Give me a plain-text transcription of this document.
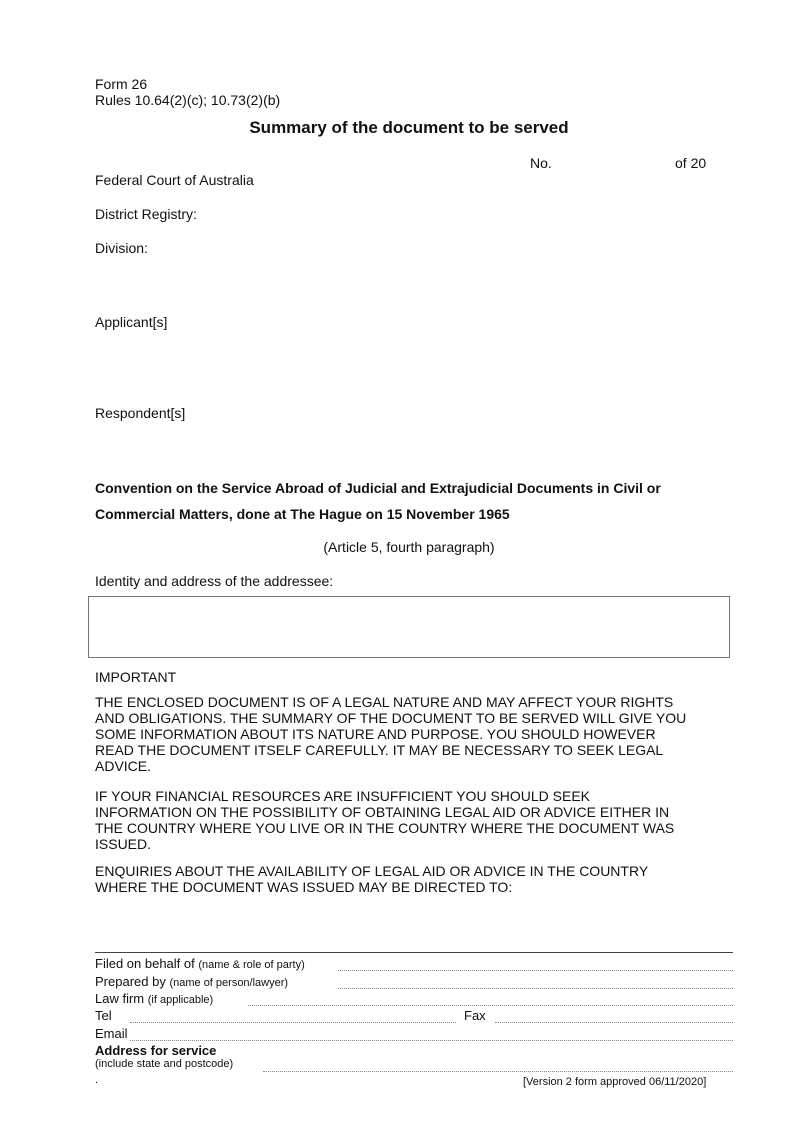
Form 26
Rules 10.64(2)(c); 10.73(2)(b)
Summary of the document to be served
No.	of 20
Federal Court of Australia
District Registry:
Division:
Applicant[s]
Respondent[s]
Convention on the Service Abroad of Judicial and Extrajudicial Documents in Civil or
Commercial Matters, done at The Hague on 15 November 1965
(Article 5, fourth paragraph)
Identity and address of the addressee:
IMPORTANT
THE ENCLOSED DOCUMENT IS OF A LEGAL NATURE AND MAY AFFECT YOUR RIGHTS
AND OBLIGATIONS. THE SUMMARY OF THE DOCUMENT TO BE SERVED WILL GIVE YOU
SOME INFORMATION ABOUT ITS NATURE AND PURPOSE. YOU SHOULD HOWEVER
READ THE DOCUMENT ITSELF CAREFULLY. IT MAY BE NECESSARY TO SEEK LEGAL
ADVICE.
IF YOUR FINANCIAL RESOURCES ARE INSUFFICIENT YOU SHOULD SEEK
INFORMATION ON THE POSSIBILITY OF OBTAINING LEGAL AID OR ADVICE EITHER IN
THE COUNTRY WHERE YOU LIVE OR IN THE COUNTRY WHERE THE DOCUMENT WAS
ISSUED.
ENQUIRIES ABOUT THE AVAILABILITY OF LEGAL AID OR ADVICE IN THE COUNTRY
WHERE THE DOCUMENT WAS ISSUED MAY BE DIRECTED TO:
Filed on behalf of (name & role of party)
Prepared by (name of person/lawyer)
Law firm (if applicable)
Tel	Fax
Email
Address for service
(include state and postcode)
.	[Version 2 form approved 06/11/2020]
